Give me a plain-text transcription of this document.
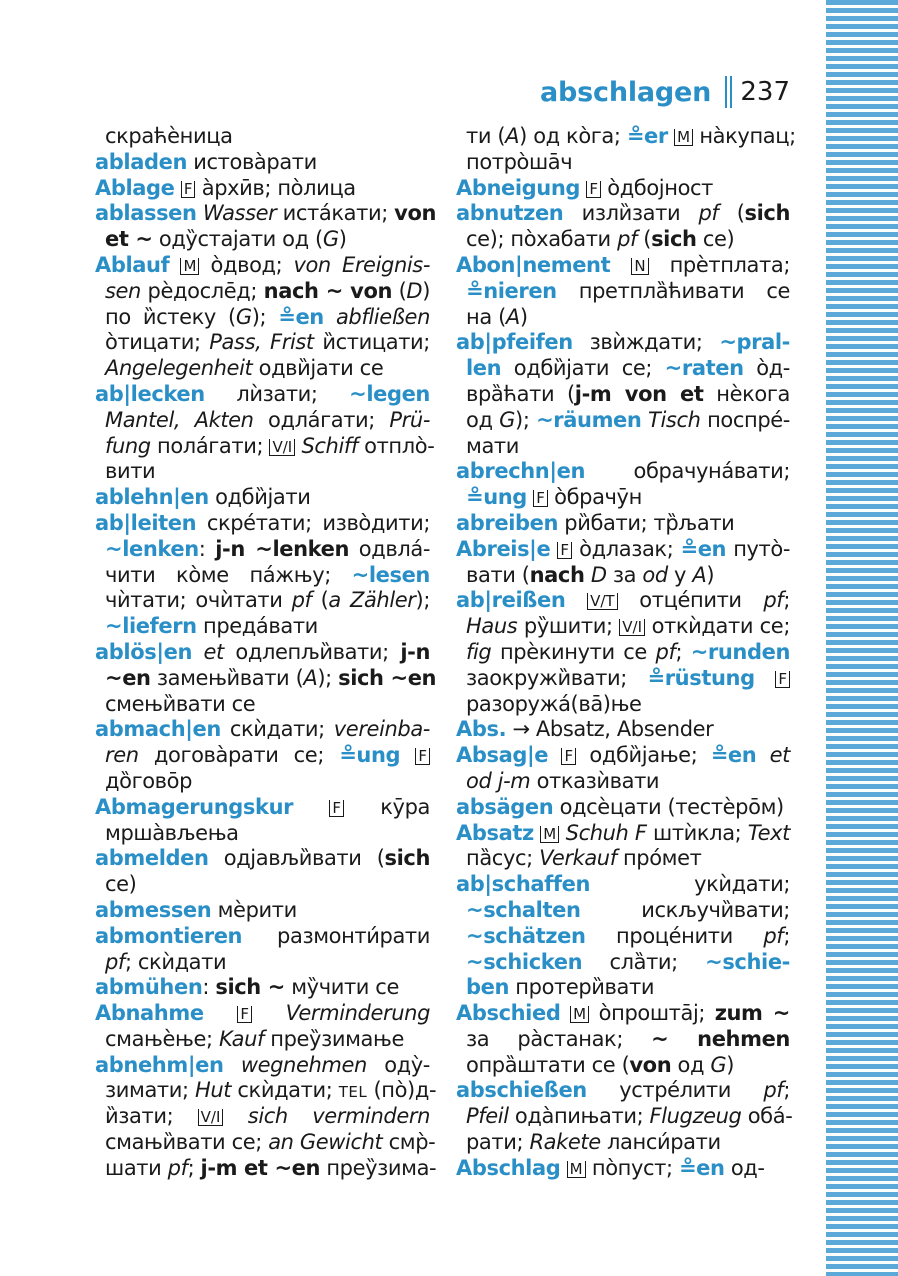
abschlagen 237
скраћѐница
abladen истова̀рати
Ablage F а̀рхӣв; по̀лица
ablassen Wasser иста́кати; von
et ~ оду̏стајати од (G)
Ablauf M о̀двод; von Ereignis-
sen рѐдослēд; nach ~ von (D)
по и̏стеку (G); ≗en abfließen
о̀тицати; Pass, Frist и̏стицати;
Angelegenheit одви̏јати се
ab|lecken лѝзати; ~legen
Mantel, Akten одла́гати; Prü-
fung пола́гати; V/I Schiff отпло̀-
вити
ablehn|en одби̏јати
ab|leiten скре́тати; изво̀дити;
~lenken: j-n ~lenken одвла́-
чити ко̀ме па́жњу; ~lesen
чѝтати; очѝтати pf (a Zähler);
~liefern преда́вати
ablös|en et одлепљи̏вати; j-n
~en замењи̏вати (A); sich ~en
смењи̏вати се
abmach|en скѝдати; vereinba-
ren догова̀рати се; ≗ung F
до̏говōр
Abmagerungskur	F кӯра
мрша̀вљења
abmelden одјављи̏вати (sich
се)
abmessen мѐрити
abmontieren размонти́рати
pf; скѝдати
abmühen: sich ~ му̏чити се
Abnahme F Verminderung
смањѐње; Kauf преу̏зимање
abnehm|en wegnehmen оду̀-
зимати; Hut скѝдати; TEL (по̀)д-
и̏зати; V/I sich vermindern
смањи̏вати се; an Gewicht смр̀-
шати pf; j-m et ~en преу̏зима-
ти (A) од ко̀га; ≗er M на̀купац;
потро̀шāч
Abneigung F о̀дбојност
abnutzen изли̏зати pf (sich
се); по̀хабати pf (sich се)
Abon|nement N прѐтплата;
≗nieren претпла̏ћивати се
на (A)
ab|pfeifen звѝждати; ~pral-
len одби̏јати се; ~raten о̀д-
вра̏ћати (j-m von et нѐкога
од G); ~räumen Tisch поспре́-
мати
abrechn|en обрачуна́вати;
≗ung F о̀брачӯн
abreiben ри̏бати; тр̏љати
Abreis|e F о̀длазак; ≗en путо̀-
вати (nach D за od у A)
ab|reißen V/T отце́пити pf;
Haus ру̏шити; V/I откѝдати се;
fig прѐкинути се pf; ~runden
заокружи̏вати; ≗rüstung F
разоружа́(вā)ње
Abs. → Absatz, Absender
Absag|e F одби̏јање; ≗en et
od j-m отказѝвати
absägen одсѐцати (тестѐрōм)
Absatz M Schuh F штѝкла; Text
па̏сус; Verkauf про́мет
ab|schaffen укѝдати;
~schalten искључи̏вати;
~schätzen проце́нити pf;
~schicken сла̏ти; ~schie-
ben протери̏вати
Abschied M о̀проштāј; zum ~
за ра̀станак; ~ nehmen
опра̏штати се (von од G)
abschießen устре́лити pf;
Pfeil ода̀пињати; Flugzeug оба́-
рати; Rakete ланси́рати
Abschlag M по̀пуст; ≗en од-
